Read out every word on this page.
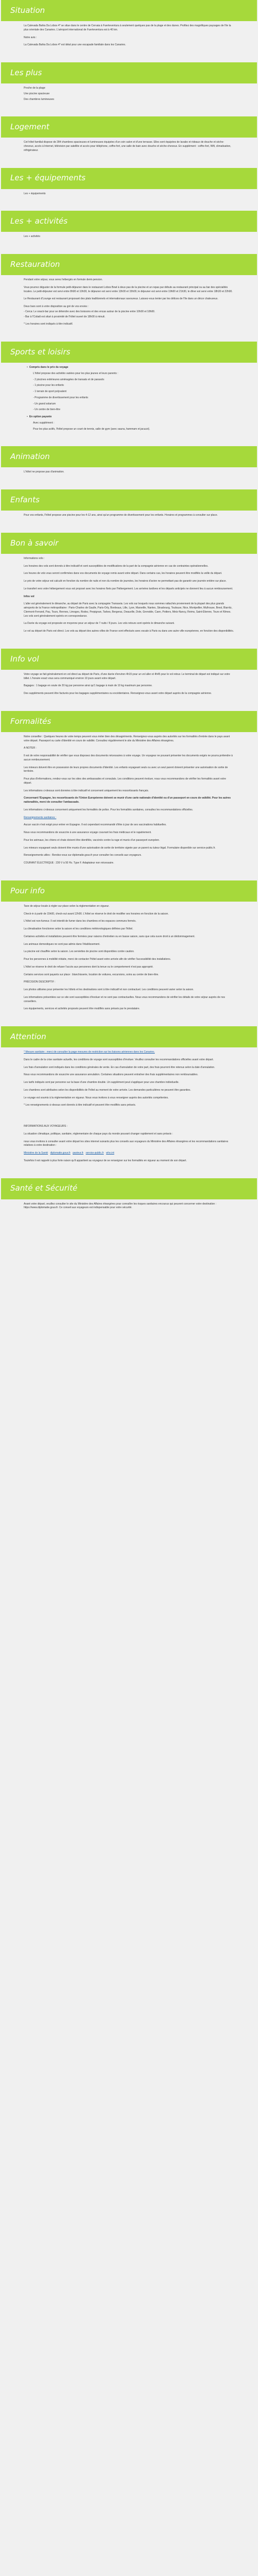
Situation

La Calevada Bahia Da Lobos 4* se situe dans le centre de Cervaia à Fuerteventura à seulement quelques pas de la plage et des dunes. Profitez des magnifiques paysages de l'ile la plus orientale des Canaries. L'aéroport international de Fuerteventura est à 40 km.

Notre avis :

La Calevada Bahia Da Lobos 4* est idéal pour une escapade familiale dans les Canaries.

Les plus

Proche de la plage

Une piscine spacieuse

Des chambres lumineuses

Logement

Cet hôtel familial dispose de 284 chambres spacieuses et lumineuses équipées d'un coin salon et d'une terrasse. Elles sont équipées de lavabo et rideaux de douche et sèche-cheveux, accès à Internet, télévision par satellite et accès pour téléphone, coffre-fort, une salle de bain avec douche et sèche-cheveux. En supplément : coffre-fort, Wifi, climatisation, réfrigérateur.

Les + équipements

Les + équipements

Les + activités

Les + activités

Restauration

Pendant votre séjour, vous serez hébergés en formule demi-pension.

Vous pourrez déguster de la formule petit-déjeuner dans le restaurant Lobos Bowl à deux pas de la piscine et un repas par débuts au restaurant principal ou au bar des spécialités locales. Le petit-déjeuner est servi entre 8h00 et 10h30, le déjeuner est servi entre 13h00 et 15h00, le déjeuner est servi entre 19h00 et 21h30, le dîner est servi entre 18h30 et 22h00.

Le Restaurant d'Lounge est restaurant proposant des plats traditionnels et internationaux savoureux. Laissez-vous tenter par les délices de l'île dans un décor chaleureux.

Deux bars sont à votre disposition au gré de vos envies :

- Cerca: Le snack-bar pour se détendre avec des boissons et des encas autour de la piscine entre 10h00 et 18h00.

- Bar à l'Cobalt est situé à proximité de l'hôtel ouvert de 18h00 à minuit.

* Les horaires sont indiqués à titre indicatif.

Sports et loisirs
• Compris dans le prix du voyage
L'hôtel propose des activités variées pour les plus jeunes et leurs parents :
- 2 piscines extérieures aménagées de transats et de parasols
- 1 piscine pour les enfants
- 1 terrain de sport polyvalent
- Programme de divertissement pour les enfants
- Un grand solarium
- Un centre de bien-être
• En option payante
Avec supplément :
Pour les plus actifs, l'hôtel propose un court de tennis, salle de gym (avec sauna, hammam et jacuzzi).
Animation

L'hôtel ne propose pas d'animation.

Enfants

Pour vos enfants, l'hôtel propose une piscine pour les 4-12 ans, ainsi qu'un programme de divertissement pour les enfants. Horaires et programmes à consulter sur place.

Bon à savoir

Informations vols :

Les horaires des vols sont donnés à titre indicatif et sont susceptibles de modifications de la part de la compagnie aérienne en cas de contraintes opérationnelles.

Les heures de vols vous seront confirmées dans vos documents de voyage remis avant votre départ. Dans certains cas, les horaires peuvent être modifiés la veille du départ.

Le prix de votre séjour est calculé en fonction du nombre de nuits et non du nombre de journées, les horaires d'avion ne permettant pas de garantir une journée entière sur place.

Le transfert vers votre hébergement vous est proposé avec les horaires fixés par l'hébergement. Les arrivées tardives et les départs anticipés ne donnent lieu à aucun remboursement.

Infos vol

L'aller est généralement le dimanche, au départ de Paris avec la compagnie Transavia. Les vols sur lesquels nous sommes rattachés proviennent de la plupart des plus grands aéroports de la France métropolitaine : Paris-Charles de Gaulle, Paris-Orly, Bordeaux, Lille, Lyon, Marseille, Nantes, Strasbourg, Toulouse, Nice, Montpellier, Mulhouse, Brest, Biarritz, Clermont-Ferrand, Pau, Tours, Rennes, Limoges, Rodez, Perpignan, Tarbes, Bergerac, Deauville, Dole, Grenoble, Caen, Poitiers, Metz-Nancy, Reims, Saint-Étienne, Tours et Nîmes. Les vols sont généralement opérés en correspondance.

La Durée du voyage est proposée en moyenne pour un séjour de 7 nuits / 8 jours. Les vols retours sont opérés le dimanche suivant.

Le vol au départ de Paris est direct. Les vols au départ des autres villes de France sont effectués avec escale à Paris ou dans une autre ville européenne, en fonction des disponibilités.

Info vol

Votre voyage se fait généralement en vol direct au départ de Paris, d'une durée d'environ 4h15 pour un vol aller et 4h45 pour le vol retour. Le terminal de départ est indiqué sur votre billet. L'horaire exact vous sera communiqué environ 10 jours avant votre départ.

Bagages : 1 bagage en soute de 20 kg par personne ainsi qu'1 bagage à main de 10 kg maximum par personne.

Des suppléments peuvent être facturés pour les bagages supplémentaires ou excédentaires. Renseignez-vous avant votre départ auprès de la compagnie aérienne.

Formalités

Notre conseiller : Quelques heures de votre temps peuvent vous éviter bien des désagréments. Renseignez-vous auprès des autorités sur les formalités d'entrée dans le pays avant votre départ. Passeport ou carte d'identité en cours de validité. Consultez régulièrement le site du Ministère des Affaires étrangères.

A NOTER :

Il est de votre responsabilité de vérifier que vous disposez des documents nécessaires à votre voyage. Un voyageur ne pouvant présenter les documents exigés ne pourra prétendre à aucun remboursement.

Les mineurs doivent être en possession de leurs propres documents d'identité. Les enfants voyageant seuls ou avec un seul parent doivent présenter une autorisation de sortie de territoire.

Pour plus d'informations, rendez-vous sur les sites des ambassades et consulats. Les conditions peuvent évoluer, nous vous recommandons de vérifier les formalités avant votre départ.

Les informations ci-dessus sont données à titre indicatif et concernent uniquement les ressortissants français.

Concernant l'Espagne, les ressortissants de l'Union Européenne doivent se munir d'une carte nationale d'identité ou d'un passeport en cours de validité. Pour les autres nationalités, merci de consulter l'ambassade.

Les informations ci-dessus concernent uniquement les formalités de police. Pour les formalités sanitaires, consultez les recommandations officielles.

Renseignements sanitaires :

Aucun vaccin n'est exigé pour entrer en Espagne. Il est cependant recommandé d'être à jour de ses vaccinations habituelles.

Nous vous recommandons de souscrire à une assurance voyage couvrant les frais médicaux et le rapatriement.

Pour les animaux, les chiens et chats doivent être identifiés, vaccinés contre la rage et munis d'un passeport européen.

Les mineurs voyageant seuls doivent être munis d'une autorisation de sortie de territoire signée par un parent ou tuteur légal. Formulaire disponible sur service-public.fr.

Renseignements utiles : Rendez-vous sur diplomatie.gouv.fr pour consulter les conseils aux voyageurs.

COURANT ÉLECTRIQUE : 230 V à 50 Hz. Type F. Adaptateur non nécessaire.

Pour info

Taxe de séjour locale à régler sur place selon la réglementation en vigueur.

Check-in à partir de 15h00, check-out avant 12h00. L'hôtel se réserve le droit de modifier ses horaires en fonction de la saison.

L'hôtel est non-fumeur. Il est interdit de fumer dans les chambres et les espaces communs fermés.

La climatisation fonctionne selon la saison et les conditions météorologiques définies par l'hôtel.

Certaines activités et installations peuvent être fermées pour raisons d'entretien ou en basse saison, sans que cela ouvre droit à un dédommagement.

Les animaux domestiques ne sont pas admis dans l'établissement.

La piscine est chauffée selon la saison. Les serviettes de piscine sont disponibles contre caution.

Pour les personnes à mobilité réduite, merci de contacter l'hôtel avant votre arrivée afin de vérifier l'accessibilité des installations.

L'hôtel se réserve le droit de refuser l'accès aux personnes dont la tenue ou le comportement n'est pas approprié.

Certains services sont payants sur place : blanchisserie, location de voitures, excursions, soins au centre de bien-être.

PRÉCISION DESCRIPTIF :

Les photos utilisées pour présenter les hôtels et les destinations sont à titre indicatif et non contractuel. Les conditions peuvent varier selon la saison.

Les informations présentées sur ce site sont susceptibles d'évoluer et ne sont pas contractuelles. Nous vous recommandons de vérifier les détails de votre séjour auprès de nos conseillers.

Les équipements, services et activités proposés peuvent être modifiés sans préavis par le prestataire.

Attention

* Mesure sanitaire : merci de consulter la page mesures de restriction sur les liaisons aériennes dans les Canaries.

Dans le cadre de la crise sanitaire actuelle, les conditions de voyage sont susceptibles d'évoluer. Veuillez consulter les recommandations officielles avant votre départ.

Les frais d'annulation sont indiqués dans les conditions générales de vente. En cas d'annulation de votre part, des frais pourront être retenus selon la date d'annulation.

Nous vous recommandons de souscrire une assurance annulation. Certaines situations peuvent entraîner des frais supplémentaires non remboursables.

Les tarifs indiqués sont par personne sur la base d'une chambre double. Un supplément peut s'appliquer pour une chambre individuelle.

Les chambres sont attribuées selon les disponibilités de l'hôtel au moment de votre arrivée. Les demandes particulières ne peuvent être garanties.

Le voyage est soumis à la réglementation en vigueur. Nous vous invitons à vous renseigner auprès des autorités compétentes.

* Les renseignements ci-dessus sont donnés à titre indicatif et peuvent être modifiés sans préavis.

INFORMATIONS AUX VOYAGEURS :

La situation climatique, politique, sanitaire, réglementaire de chaque pays du monde pouvant changer rapidement et sans préavis :

nous vous invitons à consulter avant votre départ les sites internet suivants plus les conseils aux voyageurs du Ministère des Affaires étrangères et les recommandations sanitaires relatives à votre destination :

Ministère de la Santé diplomatie.gouv.fr pasteur.fr service-public.fr who.int

Toutefois il est rappelé à plus forte raison qu'il appartient au voyageur de se renseigner sur les formalités en vigueur au moment de son départ.

Santé et Sécurité

Avant votre départ, veuillez consulter le site du Ministère des Affaires étrangères pour connaître les risques sanitaires encourus qui peuvent concerner votre destination : https://www.diplomatie.gouv.fr. Ce conseil aux voyageurs est indispensable pour votre sécurité.
